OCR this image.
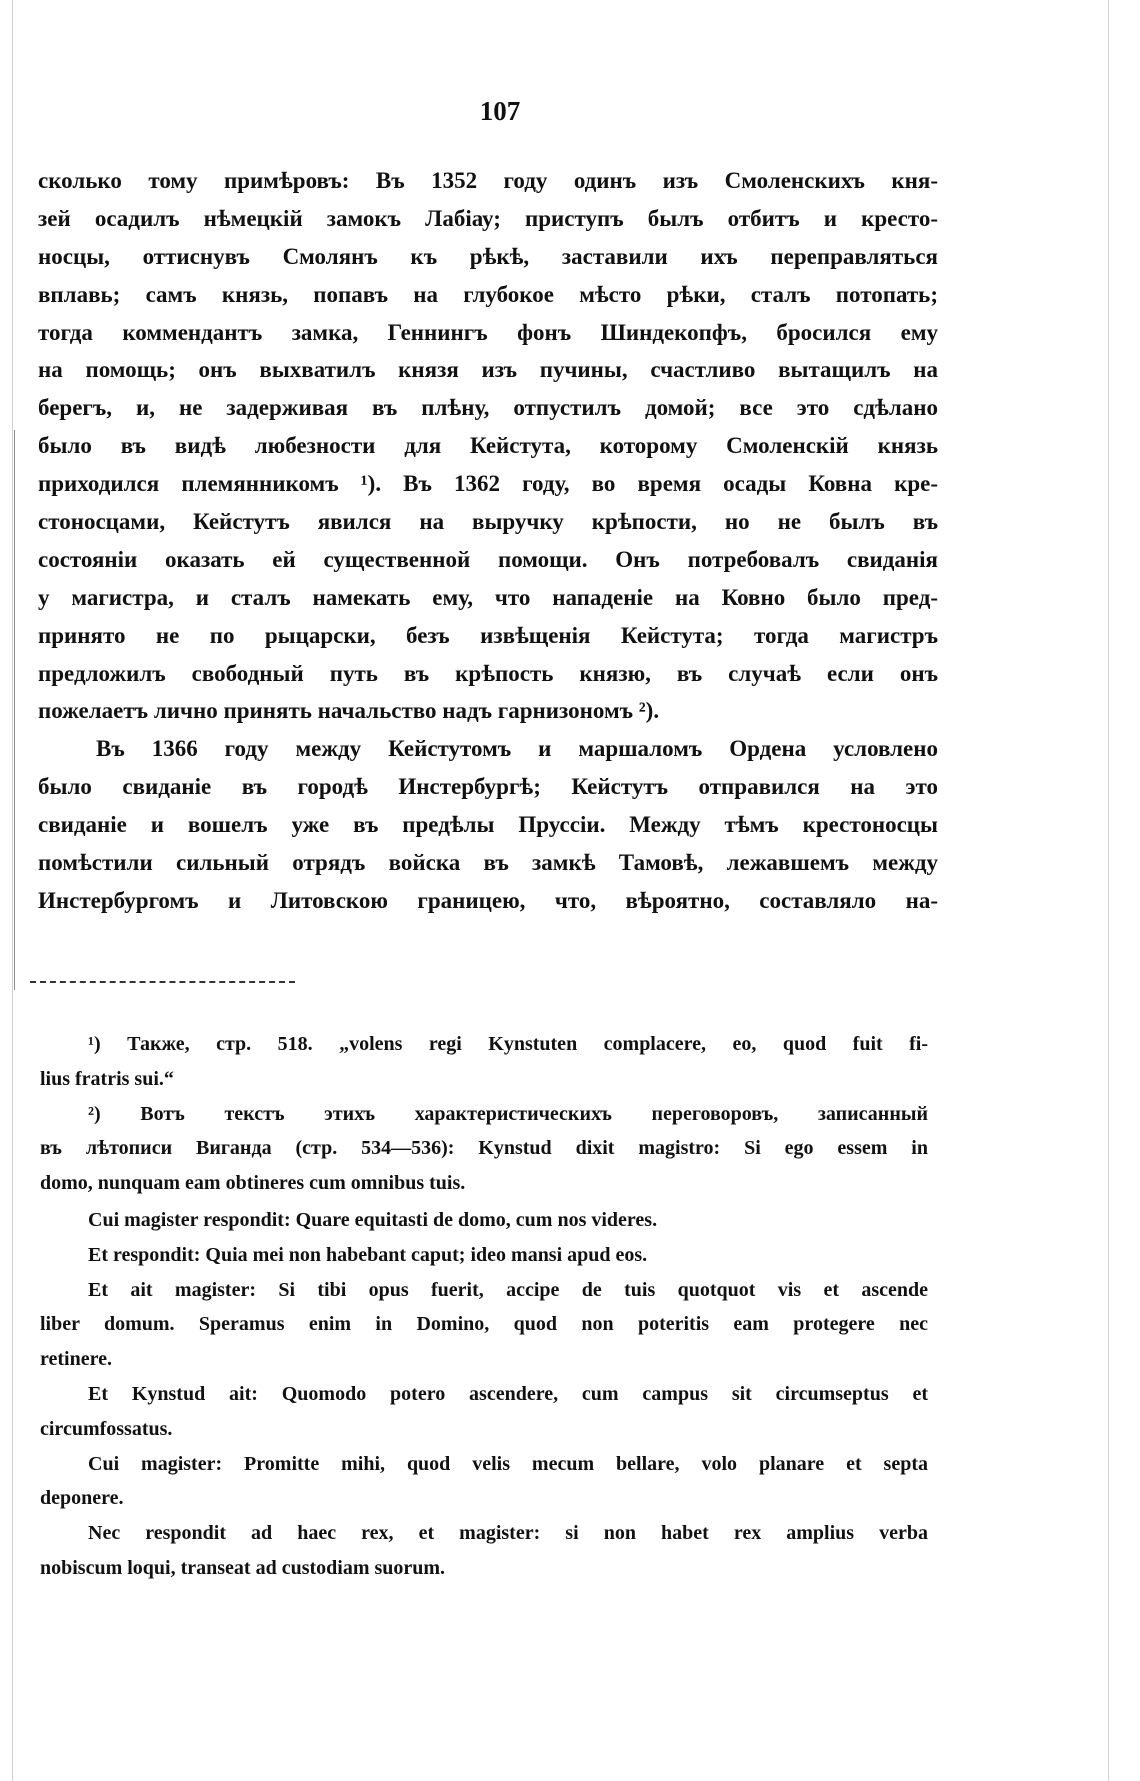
107
сколько тому примѣровъ: Въ 1352 году одинъ изъ Смоленскихъ кня-
зей осадилъ нѣмецкій замокъ Лабіау; приступъ былъ отбитъ и кресто-
носцы, оттиснувъ Смолянъ къ рѣкѣ, заставили ихъ переправляться
вплавь; самъ князь, попавъ на глубокое мѣсто рѣки, сталъ потопать;
тогда коммендантъ замка, Геннингъ фонъ Шиндекопфъ, бросился ему
на помощь; онъ выхватилъ князя изъ пучины, счастливо вытащилъ на
берегъ, и, не задерживая въ плѣну, отпустилъ домой; все это сдѣлано
было въ видѣ любезности для Кейстута, которому Смоленскій князь
приходился племянникомъ ¹). Въ 1362 году, во время осады Ковна кре-
стоносцами, Кейстутъ явился на выручку крѣпости, но не былъ въ
состояніи оказать ей существенной помощи. Онъ потребовалъ свиданія
у магистра, и сталъ намекать ему, что нападеніе на Ковно было пред-
принято не по рыцарски, безъ извѣщенія Кейстута; тогда магистръ
предложилъ свободный путь въ крѣпость князю, въ случаѣ если онъ
пожелаетъ лично принять начальство надъ гарнизономъ ²).
Въ 1366 году между Кейстутомъ и маршаломъ Ордена условлено
было свиданіе въ городѣ Инстербургѣ; Кейстутъ отправился на это
свиданіе и вошелъ уже въ предѣлы Пруссіи. Между тѣмъ крестоносцы
помѣстили сильный отрядъ войска въ замкѣ Тамовѣ, лежавшемъ между
Инстербургомъ и Литовскою границею, что, вѣроятно, составляло на-
¹) Также, стр. 518. „volens regi Kynstuten complacere, eo, quod fuit fi-
lius fratris sui.“
²) Вотъ текстъ этихъ характеристическихъ переговоровъ, записанный
въ лѣтописи Виганда (стр. 534—536): Kynstud dixit magistro: Si ego essem in
domo, nunquam eam obtineres cum omnibus tuis.
Cui magister respondit: Quare equitasti de domo, cum nos videres.
Et respondit: Quia mei non habebant caput; ideo mansi apud eos.
Et ait magister: Si tibi opus fuerit, accipe de tuis quotquot vis et ascende
liber domum. Speramus enim in Domino, quod non poteritis eam protegere nec
retinere.
Et Kynstud ait: Quomodo potero ascendere, cum campus sit circumseptus et
circumfossatus.
Cui magister: Promitte mihi, quod velis mecum bellare, volo planare et septa
deponere.
Nec respondit ad haec rex, et magister: si non habet rex amplius verba
nobiscum loqui, transeat ad custodiam suorum.
